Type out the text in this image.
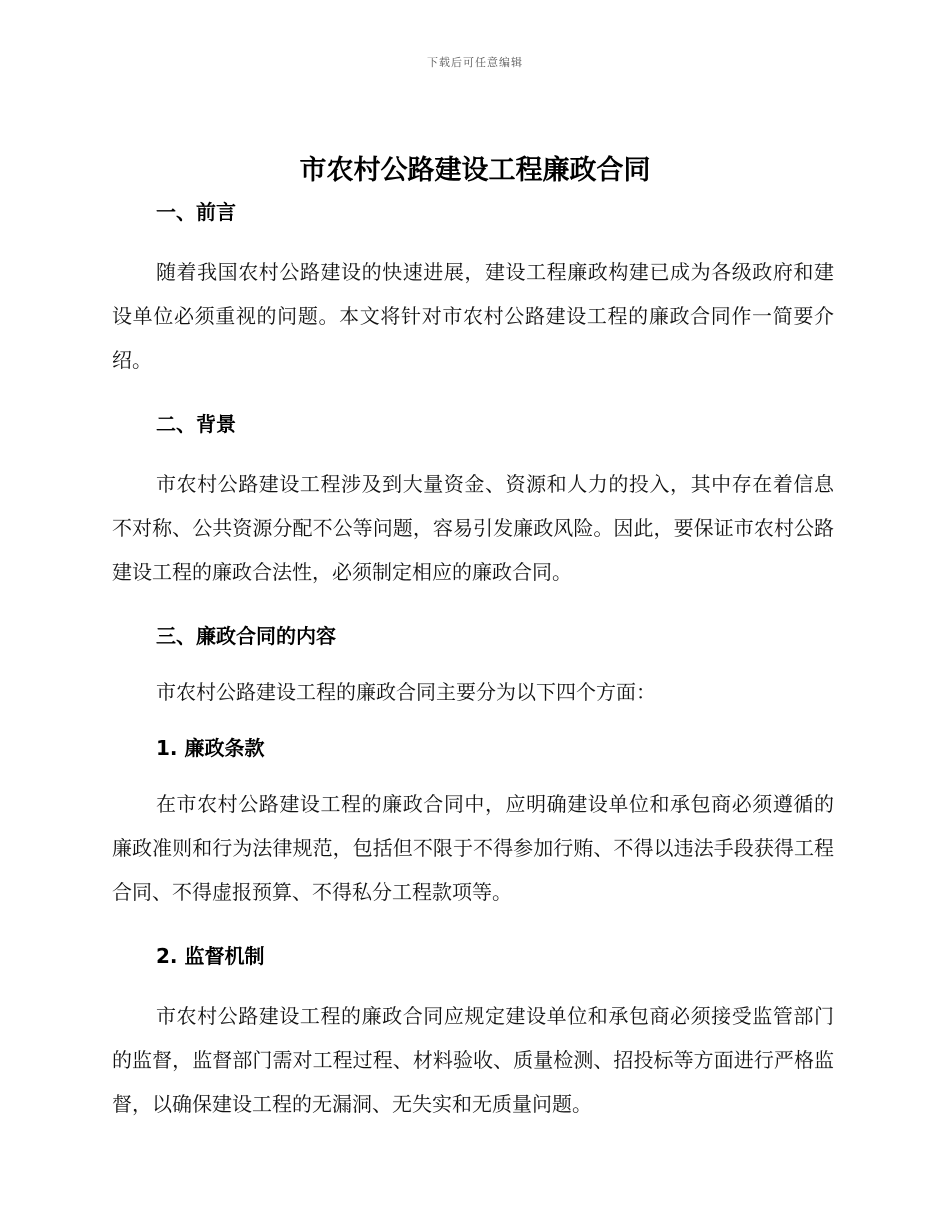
下载后可任意编辑
市农村公路建设工程廉政合同

一、前言

随着我国农村公路建设的快速进展，建设工程廉政构建已成为各级政府和建设单位必须重视的问题。本文将针对市农村公路建设工程的廉政合同作一简要介绍。

二、背景

市农村公路建设工程涉及到大量资金、资源和人力的投入，其中存在着信息不对称、公共资源分配不公等问题，容易引发廉政风险。因此，要保证市农村公路建设工程的廉政合法性，必须制定相应的廉政合同。

三、廉政合同的内容

市农村公路建设工程的廉政合同主要分为以下四个方面：

1. 廉政条款

在市农村公路建设工程的廉政合同中，应明确建设单位和承包商必须遵循的廉政准则和行为法律规范，包括但不限于不得参加行贿、不得以违法手段获得工程合同、不得虚报预算、不得私分工程款项等。

2. 监督机制

市农村公路建设工程的廉政合同应规定建设单位和承包商必须接受监管部门的监督，监督部门需对工程过程、材料验收、质量检测、招投标等方面进行严格监督，以确保建设工程的无漏洞、无失实和无质量问题。
